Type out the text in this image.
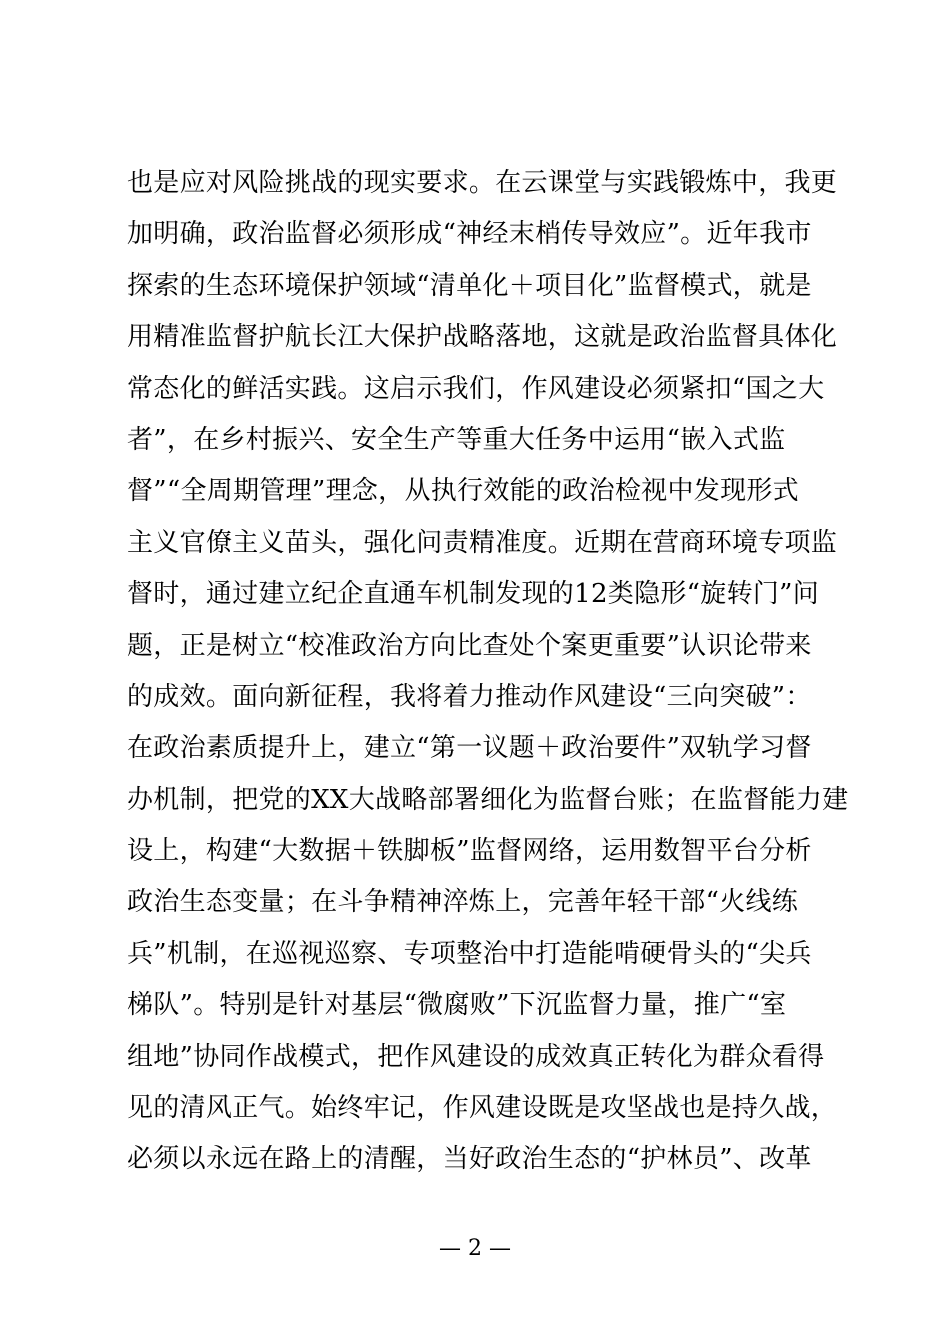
也是应对风险挑战的现实要求。在云课堂与实践锻炼中，我更
加明确，政治监督必须形成“神经末梢传导效应”。近年我市
探索的生态环境保护领域“清单化＋项目化”监督模式，就是
用精准监督护航长江大保护战略落地，这就是政治监督具体化
常态化的鲜活实践。这启示我们，作风建设必须紧扣“国之大
者”，在乡村振兴、安全生产等重大任务中运用“嵌入式监
督”“全周期管理”理念，从执行效能的政治检视中发现形式
主义官僚主义苗头，强化问责精准度。近期在营商环境专项监
督时，通过建立纪企直通车机制发现的12类隐形“旋转门”问
题，正是树立“校准政治方向比查处个案更重要”认识论带来
的成效。面向新征程，我将着力推动作风建设“三向突破”：
在政治素质提升上，建立“第一议题＋政治要件”双轨学习督
办机制，把党的XX大战略部署细化为监督台账；在监督能力建
设上，构建“大数据＋铁脚板”监督网络，运用数智平台分析
政治生态变量；在斗争精神淬炼上，完善年轻干部“火线练
兵”机制，在巡视巡察、专项整治中打造能啃硬骨头的“尖兵
梯队”。特别是针对基层“微腐败”下沉监督力量，推广“室
组地”协同作战模式，把作风建设的成效真正转化为群众看得
见的清风正气。始终牢记，作风建设既是攻坚战也是持久战，
必须以永远在路上的清醒，当好政治生态的“护林员”、改革
— 2 —
